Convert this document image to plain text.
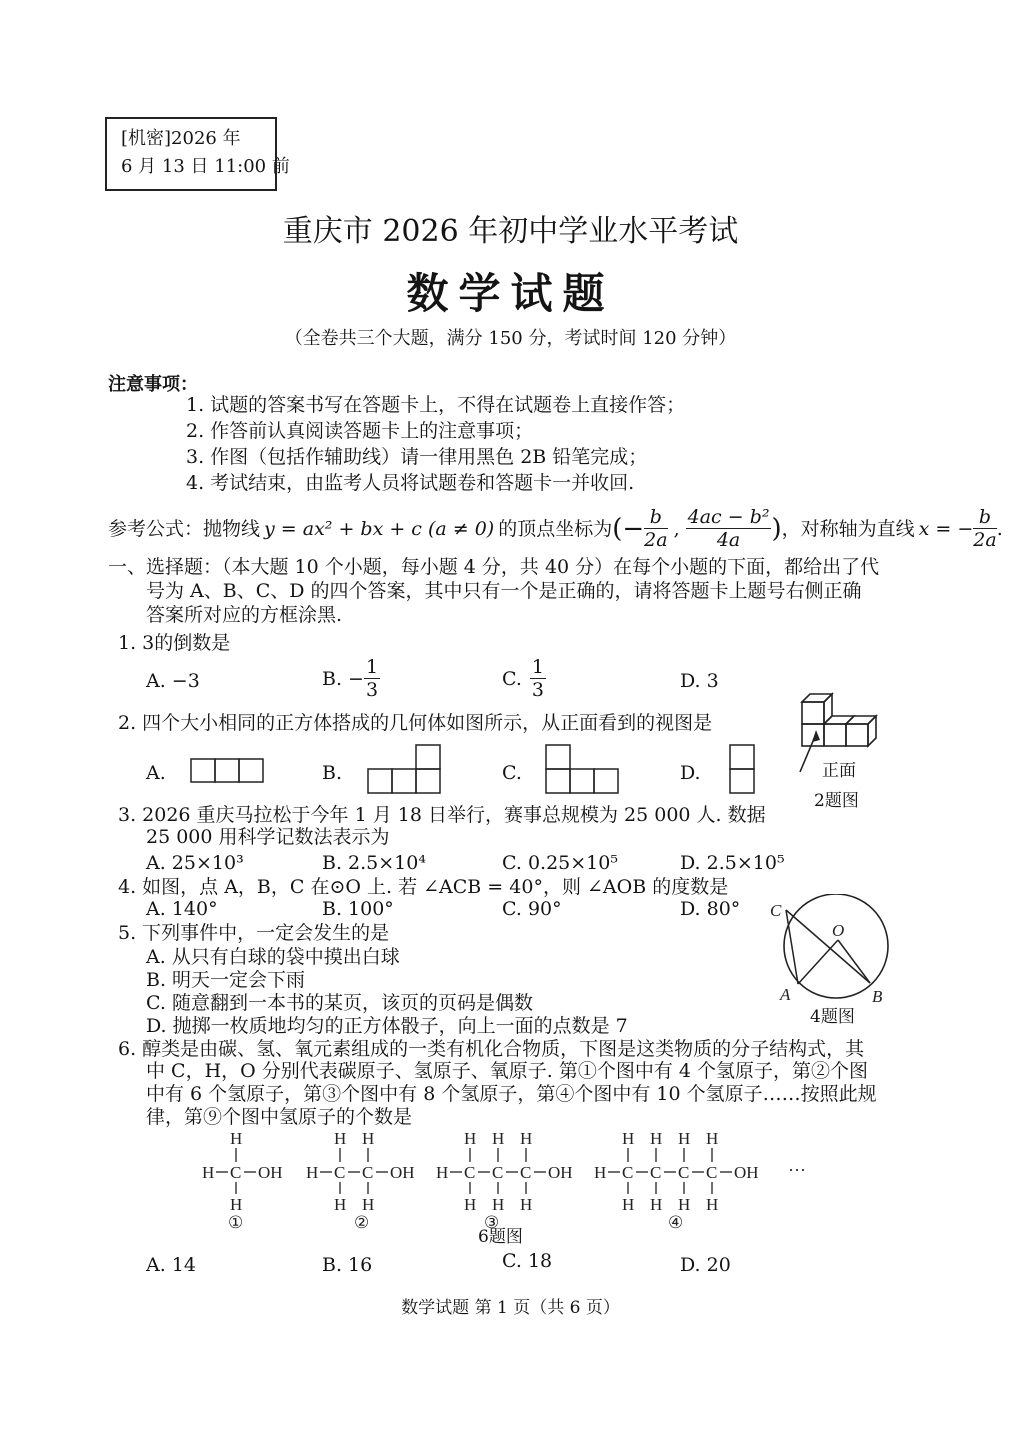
[机密]2026 年
6 月 13 日 11:00 前
重庆市 2026 年初中学业水平考试
数学试题
（全卷共三个大题，满分 150 分，考试时间 120 分钟）
注意事项：
1. 试题的答案书写在答题卡上，不得在试题卷上直接作答；
2. 作答前认真阅读答题卡上的注意事项；
3. 作图（包括作辅助线）请一律用黑色 2B 铅笔完成；
4. 考试结束，由监考人员将试题卷和答题卡一并收回.
参考公式：抛物线 y = ax² + bx + c (a ≠ 0) 的顶点坐标为 (− $\frac{b}{2a}$ , $\frac{\text{4ac − b²}}{4a}$ ) ，对称轴为直线 x = − $\frac{b}{2a}$ .
一、选择题：（本大题 10 个小题，每小题 4 分，共 40 分）在每个小题的下面，都给出了代
号为 A、B、C、D 的四个答案，其中只有一个是正确的，请将答题卡上题号右侧正确
答案所对应的方框涂黑.
1. 3的倒数是
A. −3	B. − $\frac{1}{3}$	C. $\frac{1}{3}$	D. 3
2. 四个大小相同的正方体搭成的几何体如图所示，从正面看到的视图是
A.	B.	C.	D.	正面
2题图
3. 2026 重庆马拉松于今年 1 月 18 日举行，赛事总规模为 25 000 人. 数据
25 000 用科学记数法表示为
A. 25×10³	B. 2.5×10⁴	C. 0.25×10⁵	D. 2.5×10⁵
4. 如图，点 A，B，C 在⊙O 上. 若 ∠ACB = 40°，则 ∠AOB 的度数是
A. 140°	B. 100°	C. 90°	D. 80° C
O
A	B
4题图
5. 下列事件中，一定会发生的是
A. 从只有白球的袋中摸出白球
B. 明天一定会下雨
C. 随意翻到一本书的某页，该页的页码是偶数
D. 抛掷一枚质地均匀的正方体骰子，向上一面的点数是 7
6. 醇类是由碳、氢、氧元素组成的一类有机化合物质，下图是这类物质的分子结构式，其
中 C，H，O 分别代表碳原子、氢原子、氧原子. 第①个图中有 4 个氢原子，第②个图
中有 6 个氢原子，第③个图中有 8 个氢原子，第④个图中有 10 个氢原子……按照此规
律，第⑨个图中氢原子的个数是
H
H C OH
H
H H
H C C OH
H H
H H H
H C C C OH
H H H
H H H H
H C C C C OH
H H H H
···
①	②	③	④
6题图
A. 14	B. 16	C. 18	D. 20
数学试题 第 1 页（共 6 页）
